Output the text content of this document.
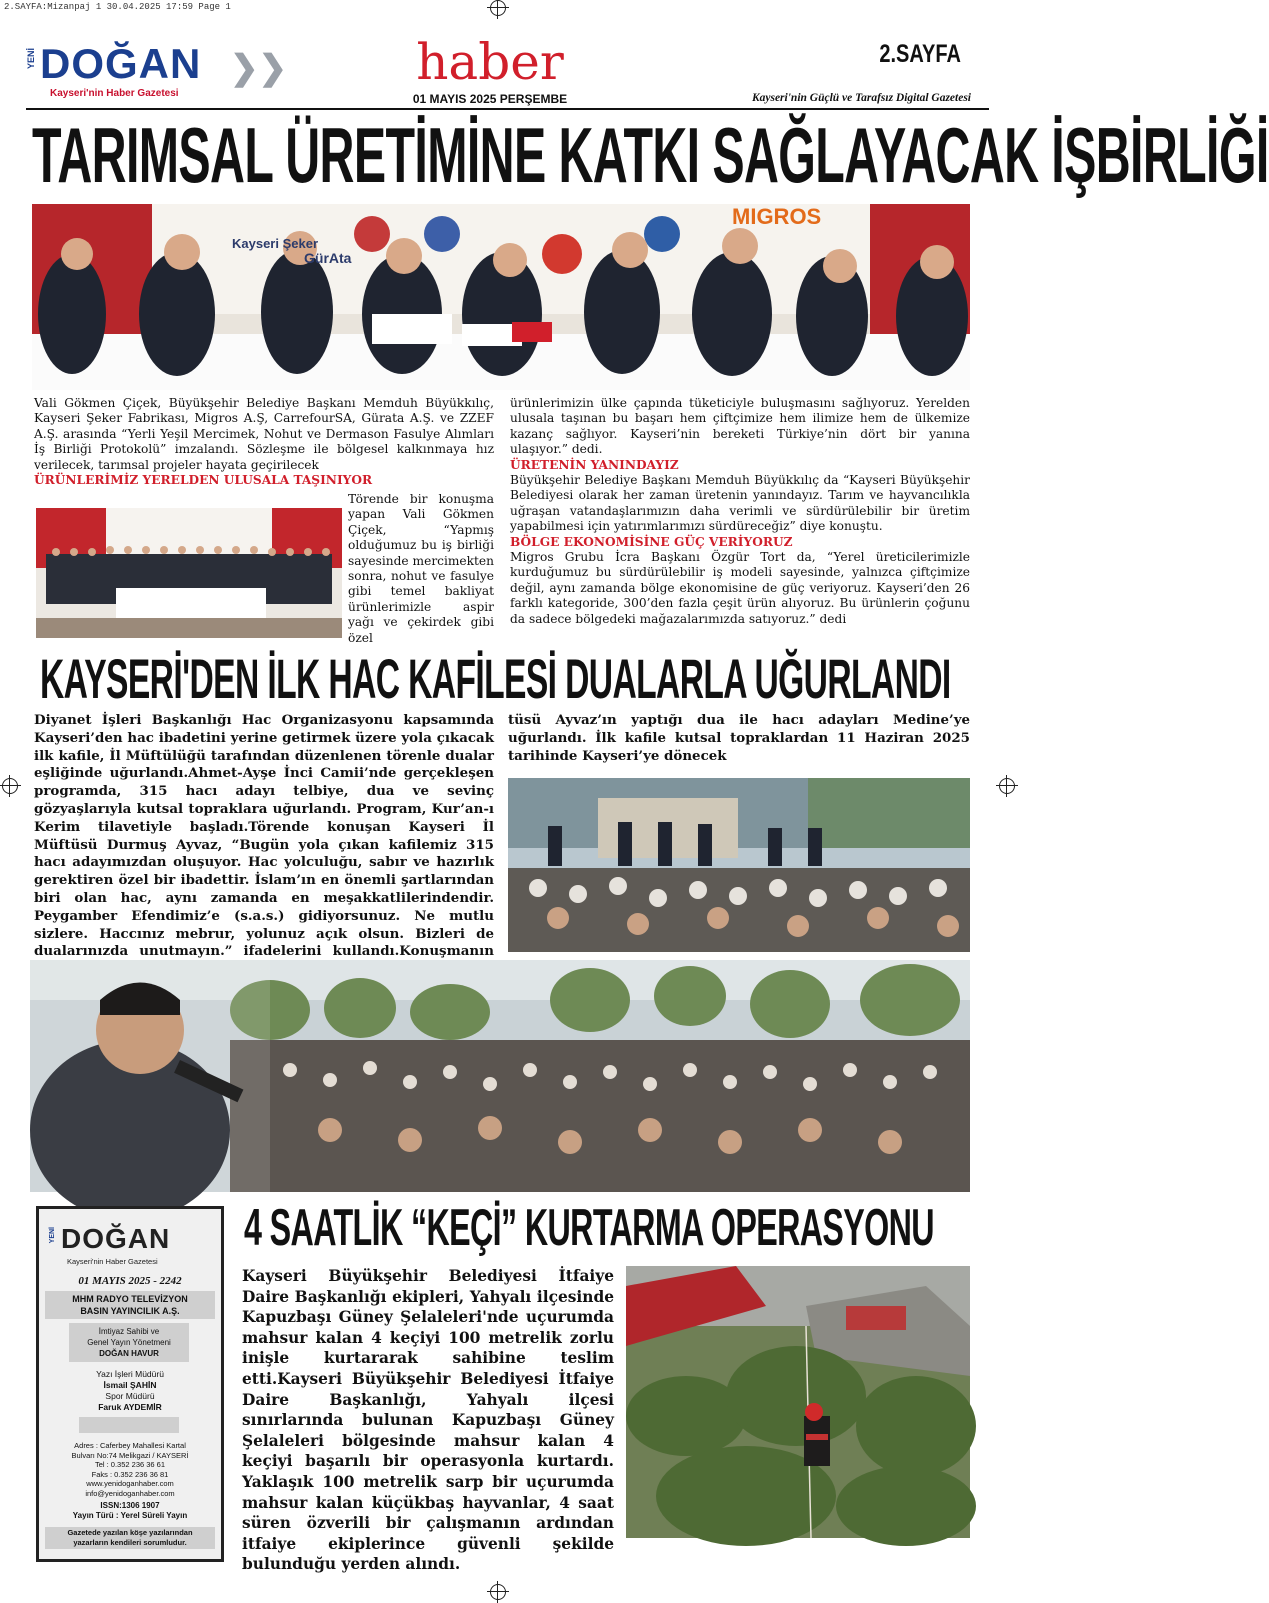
2.SAYFA:Mizanpaj 1 30.04.2025 17:59 Page 1
YENİ DOĞAN ❯❯
Kayseri'nin Haber Gazetesi
haber
01 MAYIS 2025 PERŞEMBE
2.SAYFA
Kayseri'nin Güçlü ve Tarafsız Digital Gazetesi
TARIMSAL ÜRETİMİNE KATKI SAĞLAYACAK İŞBİRLİĞİ
Kayseri Şeker
GürAta
MIGROS

Vali Gökmen Çiçek, Büyükşehir Belediye Başkanı Memduh Büyükkılıç, Kayseri Şeker Fabrikası, Migros A.Ş, CarrefourSA, Gürata A.Ş. ve ZZEF A.Ş. arasında “Yerli Yeşil Mercimek, Nohut ve Dermason Fasulye Alımları İş Birliği Protokolü” imzalandı. Sözleşme ile bölgesel kalkınmaya hız verilecek, tarımsal projeler hayata geçirilecek

ÜRÜNLERİMİZ YERELDEN ULUSALA TAŞINIYOR

Törende bir konuşma yapan Vali Gökmen Çiçek, “Yapmış olduğumuz bu iş birliği sayesinde mercimekten sonra, nohut ve fasulye gibi temel bakliyat ürünlerimizle aspir yağı ve çekirdek gibi özel

ürünlerimizin ülke çapında tüketiciyle buluşmasını sağlıyoruz. Yerelden ulusala taşınan bu başarı hem çiftçimize hem ilimize hem de ülkemize kazanç sağlıyor. Kayseri’nin bereketi Türkiye’nin dört bir yanına ulaşıyor.” dedi.

ÜRETENİN YANINDAYIZ

Büyükşehir Belediye Başkanı Memduh Büyükkılıç da “Kayseri Büyükşehir Belediyesi olarak her zaman üretenin yanındayız. Tarım ve hayvancılıkla uğraşan vatandaşlarımızın daha verimli ve sürdürülebilir bir üretim yapabilmesi için yatırımlarımızı sürdüreceğiz” diye konuştu.

BÖLGE EKONOMİSİNE GÜÇ VERİYORUZ

Migros Grubu İcra Başkanı Özgür Tort da, “Yerel üreticilerimizle kurduğumuz bu sürdürülebilir iş modeli sayesinde, yalnızca çiftçimize değil, aynı zamanda bölge ekonomisine de güç veriyoruz. Kayseri’den 26 farklı kategoride, 300’den fazla çeşit ürün alıyoruz. Bu ürünlerin çoğunu da sadece bölgedeki mağazalarımızda satıyoruz.” dedi

KAYSERİ'DEN İLK HAC KAFİLESİ DUALARLA UĞURLANDI

Diyanet İşleri Başkanlığı Hac Organizasyonu kapsamında Kayseri’den hac ibadetini yerine getirmek üzere yola çıkacak ilk kafile, İl Müftülüğü tarafından düzenlenen törenle dualar eşliğinde uğurlandı.Ahmet-Ayşe İnci Camii’nde gerçekleşen programda, 315 hacı adayı telbiye, dua ve sevinç gözyaşlarıyla kutsal topraklara uğurlandı. Program, Kur’an-ı Kerim tilavetiyle başladı.Törende konuşan Kayseri İl Müftüsü Durmuş Ayvaz, “Bugün yola çıkan kafilemiz 315 hacı adayımızdan oluşuyor. Hac yolculuğu, sabır ve hazırlık gerektiren özel bir ibadettir. İslam’ın en önemli şartlarından biri olan hac, aynı zamanda en meşakkatlilerindendir. Peygamber Efendimiz’e (s.a.s.) gidiyorsunuz. Ne mutlu sizlere. Haccınız mebrur, yolunuz açık olsun. Bizleri de dualarınızda unutmayın.” ifadelerini kullandı.Konuşmanın

tüsü Ayvaz’ın yaptığı dua ile hacı adayları Medine’ye uğurlandı. İlk kafile kutsal topraklardan 11 Haziran 2025 tarihinde Kayseri’ye dönecek

YENİ DOĞAN
Kayseri'nin Haber Gazetesi
01 MAYIS 2025 - 2242
MHM RADYO TELEVİZYON
BASIN YAYINCILIK A.Ş.
İmtiyaz Sahibi ve
Genel Yayın Yönetmeni
DOĞAN HAVUR
Yazı İşleri Müdürü
İsmail ŞAHİN
Spor Müdürü
Faruk AYDEMİR
Adres : Caferbey Mahallesi Kartal
Bulvarı No:74 Melikgazi / KAYSERİ
Tel : 0.352 236 36 61
Faks : 0.352 236 36 81
www.yenidoganhaber.com
info@yenidoganhaber.com
ISSN:1306 1907
Yayın Türü : Yerel Süreli Yayın
Gazetede yazılan köşe yazılarından
yazarların kendileri sorumludur.
4 SAATLİK “KEÇİ” KURTARMA OPERASYONU

Kayseri Büyükşehir Belediyesi İtfaiye Daire Başkanlığı ekipleri, Yahyalı ilçesinde Kapuzbaşı Güney Şelaleleri'nde uçurumda mahsur kalan 4 keçiyi 100 metrelik zorlu inişle kurtararak sahibine teslim etti.Kayseri Büyükşehir Belediyesi İtfaiye Daire Başkanlığı, Yahyalı ilçesi sınırlarında bulunan Kapuzbaşı Güney Şelaleleri bölgesinde mahsur kalan 4 keçiyi başarılı bir operasyonla kurtardı. Yaklaşık 100 metrelik sarp bir uçurumda mahsur kalan küçükbaş hayvanlar, 4 saat süren özverili bir çalışmanın ardından itfaiye ekiplerince güvenli şekilde bulunduğu yerden alındı.
